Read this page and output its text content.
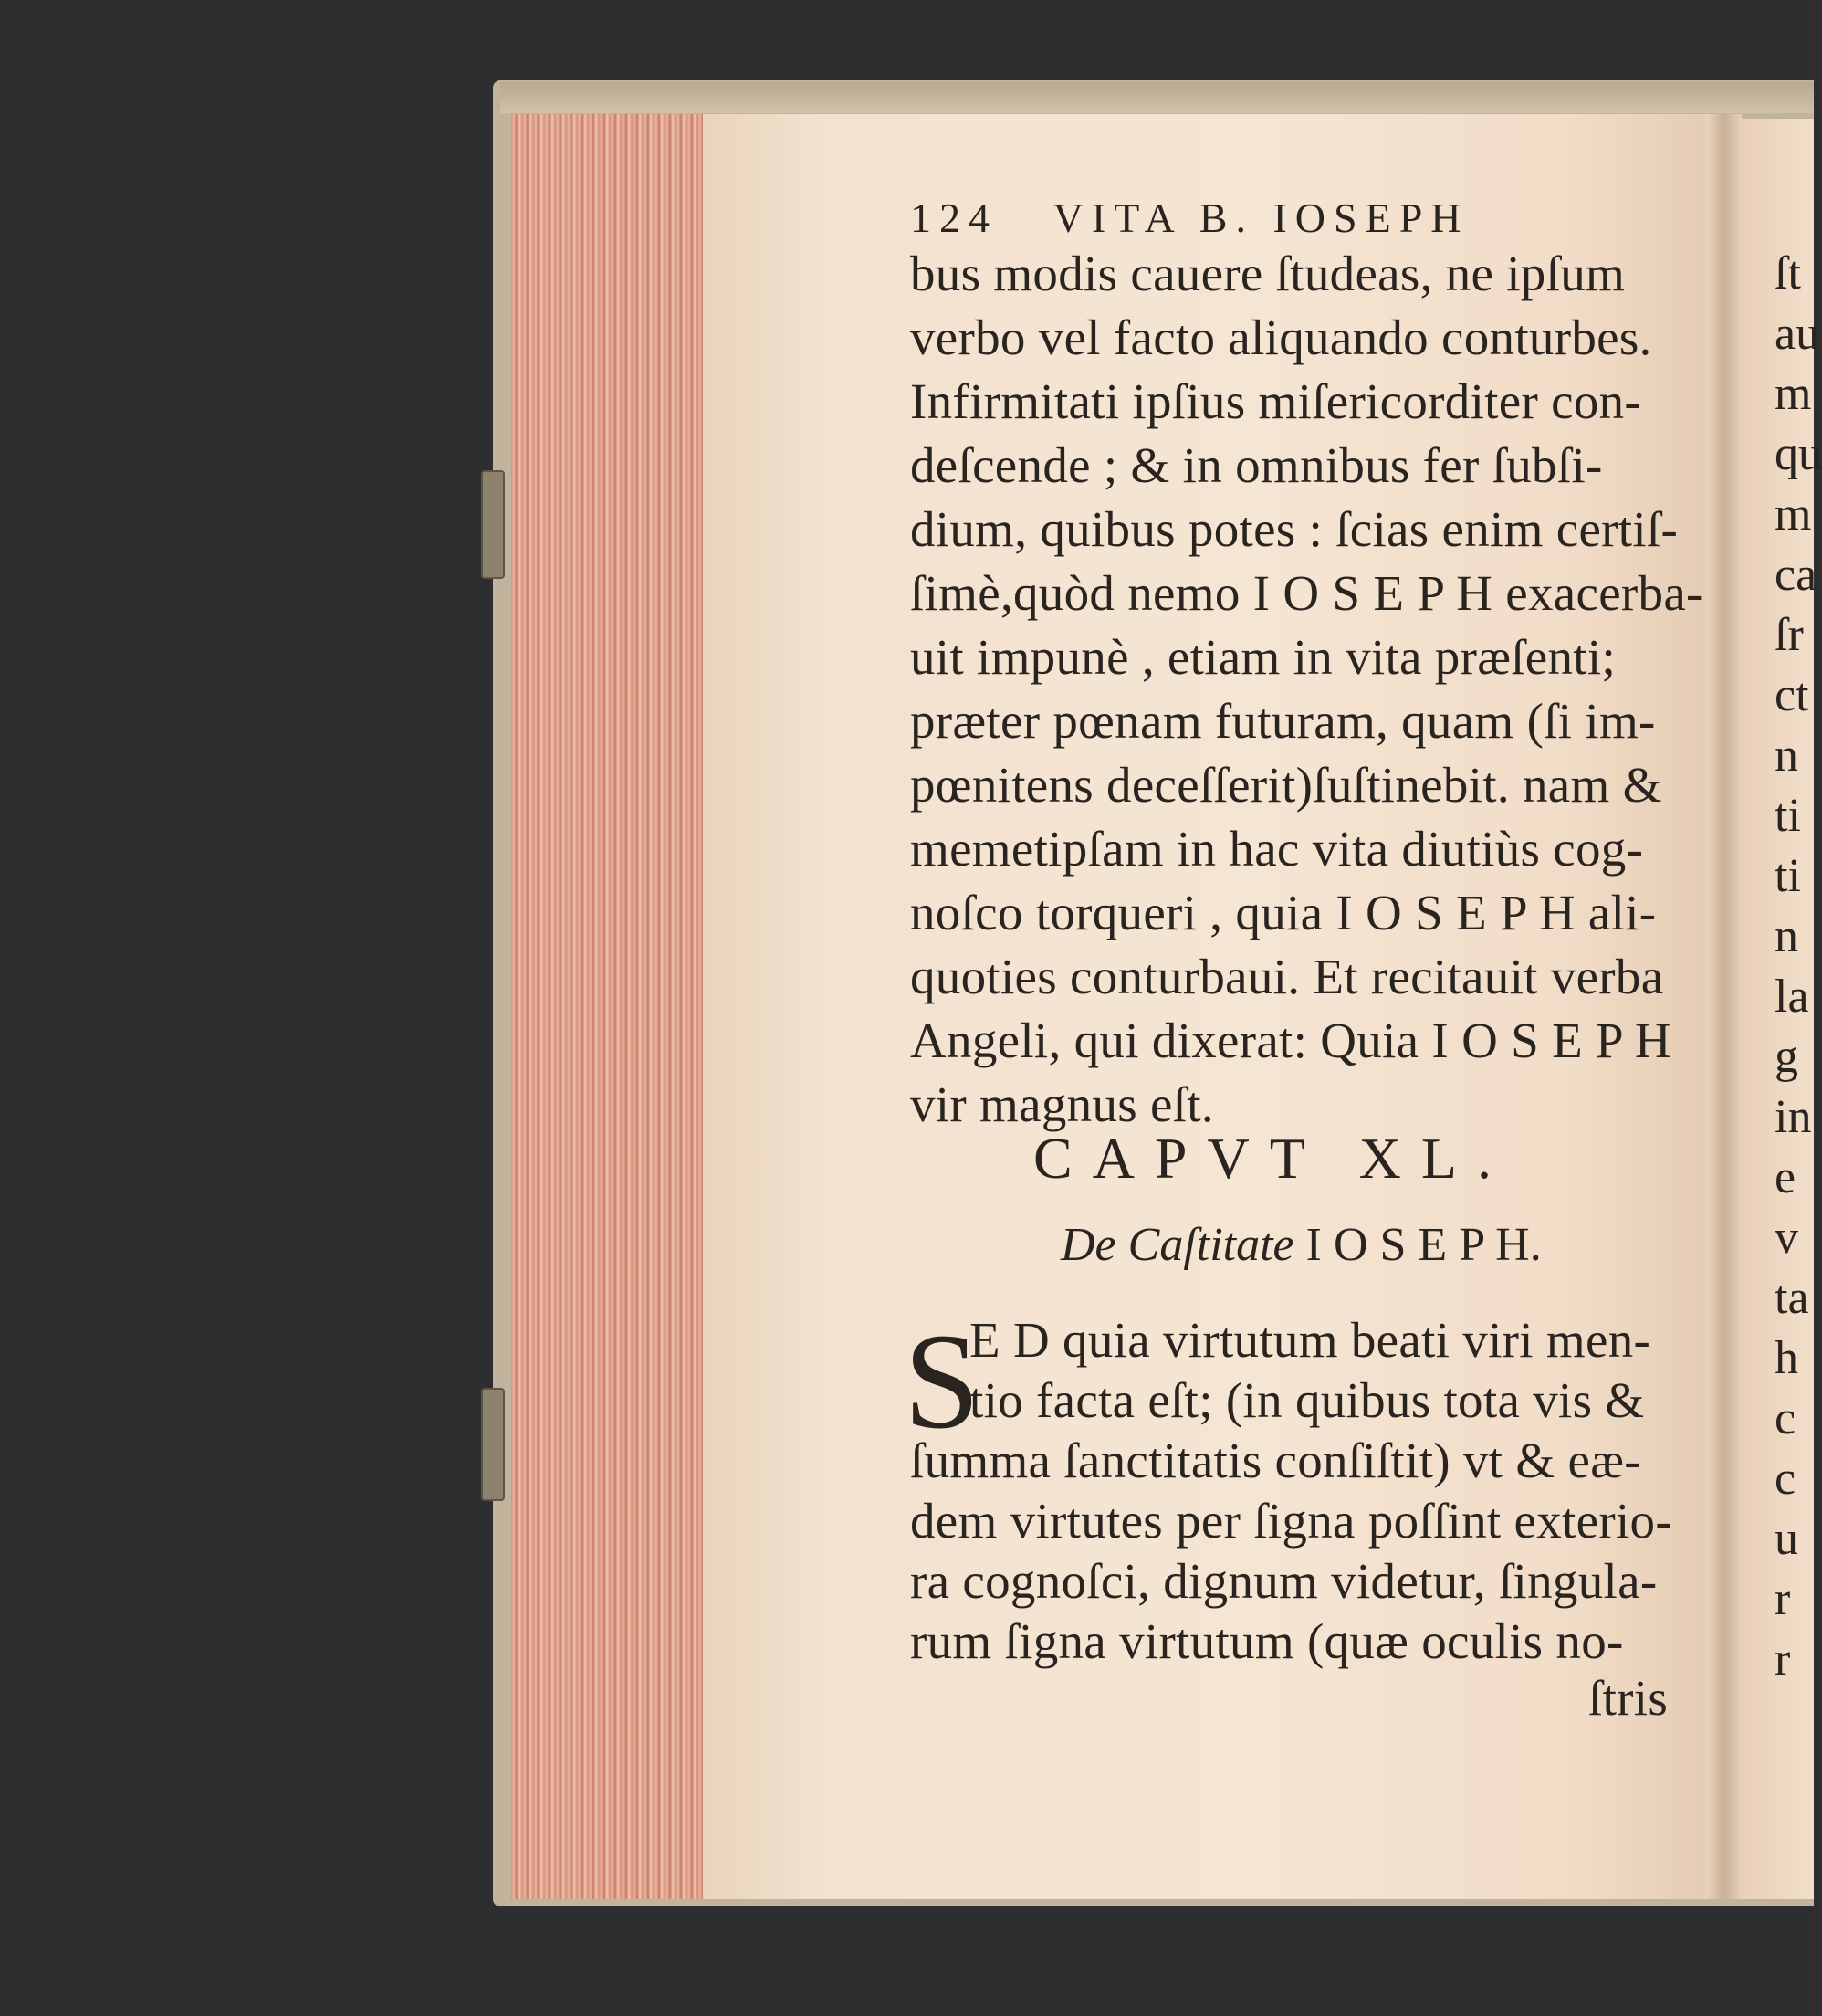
124   VITA B. IOSEPH
bus modis cauere ſtudeas, ne ipſum
verbo vel facto aliquando conturbes.
Infirmitati ipſius miſericorditer con-
deſcende ; & in omnibus fer ſubſi-
dium, quibus potes : ſcias enim certiſ-
ſimè,quòd nemo I O S E P H exacerba-
uit impunè , etiam in vita præſenti;
præter pœnam futuram, quam (ſi im-
pœnitens deceſſerit)ſuſtinebit. nam &
memetipſam in hac vita diutiùs cog-
noſco torqueri , quia I O S E P H ali-
quoties conturbaui. Et recitauit verba
Angeli, qui dixerat: Quia I O S E P H
vir magnus eſt.
CAPVT XL.
De Caſtitate I O S E P H.
S
E D quia virtutum beati viri men-
tio facta eſt; (in quibus tota vis &
ſumma ſanctitatis conſiſtit) vt & eæ-
dem virtutes per ſigna poſſint exterio-
ra cognoſci, dignum videtur, ſingula-
rum ſigna virtutum (quæ oculis no-
ſtris
ſt
au
m
qu
m
ca
ſr
ct
n
ti
ti
n
la
g
in
e
v
ta
h
c
c
u
r
r
